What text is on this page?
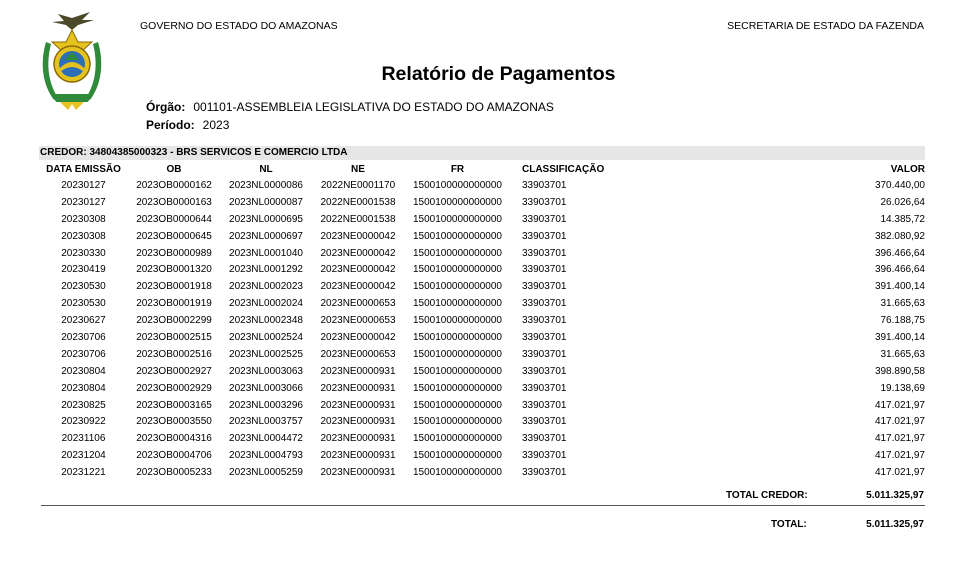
GOVERNO DO ESTADO DO AMAZONAS	SECRETARIA DE ESTADO DA FAZENDA
Relatório de Pagamentos
Órgão: 001101-ASSEMBLEIA LEGISLATIVA DO ESTADO DO AMAZONAS
Período: 2023
CREDOR: 34804385000323 - BRS SERVICOS E COMERCIO LTDA
DATA EMISSÃO	OB	NL	NE	FR	CLASSIFICAÇÃO	VALOR
20230127	2023OB0000162	2023NL0000086	2022NE0001170	1500100000000000	33903701	370.440,00
20230127	2023OB0000163	2023NL0000087	2022NE0001538	1500100000000000	33903701	26.026,64
20230308	2023OB0000644	2023NL0000695	2022NE0001538	1500100000000000	33903701	14.385,72
20230308	2023OB0000645	2023NL0000697	2023NE0000042	1500100000000000	33903701	382.080,92
20230330	2023OB0000989	2023NL0001040	2023NE0000042	1500100000000000	33903701	396.466,64
20230419	2023OB0001320	2023NL0001292	2023NE0000042	1500100000000000	33903701	396.466,64
20230530	2023OB0001918	2023NL0002023	2023NE0000042	1500100000000000	33903701	391.400,14
20230530	2023OB0001919	2023NL0002024	2023NE0000653	1500100000000000	33903701	31.665,63
20230627	2023OB0002299	2023NL0002348	2023NE0000653	1500100000000000	33903701	76.188,75
20230706	2023OB0002515	2023NL0002524	2023NE0000042	1500100000000000	33903701	391.400,14
20230706	2023OB0002516	2023NL0002525	2023NE0000653	1500100000000000	33903701	31.665,63
20230804	2023OB0002927	2023NL0003063	2023NE0000931	1500100000000000	33903701	398.890,58
20230804	2023OB0002929	2023NL0003066	2023NE0000931	1500100000000000	33903701	19.138,69
20230825	2023OB0003165	2023NL0003296	2023NE0000931	1500100000000000	33903701	417.021,97
20230922	2023OB0003550	2023NL0003757	2023NE0000931	1500100000000000	33903701	417.021,97
20231106	2023OB0004316	2023NL0004472	2023NE0000931	1500100000000000	33903701	417.021,97
20231204	2023OB0004706	2023NL0004793	2023NE0000931	1500100000000000	33903701	417.021,97
20231221	2023OB0005233	2023NL0005259	2023NE0000931	1500100000000000	33903701	417.021,97
TOTAL CREDOR:	5.011.325,97
TOTAL:	5.011.325,97
